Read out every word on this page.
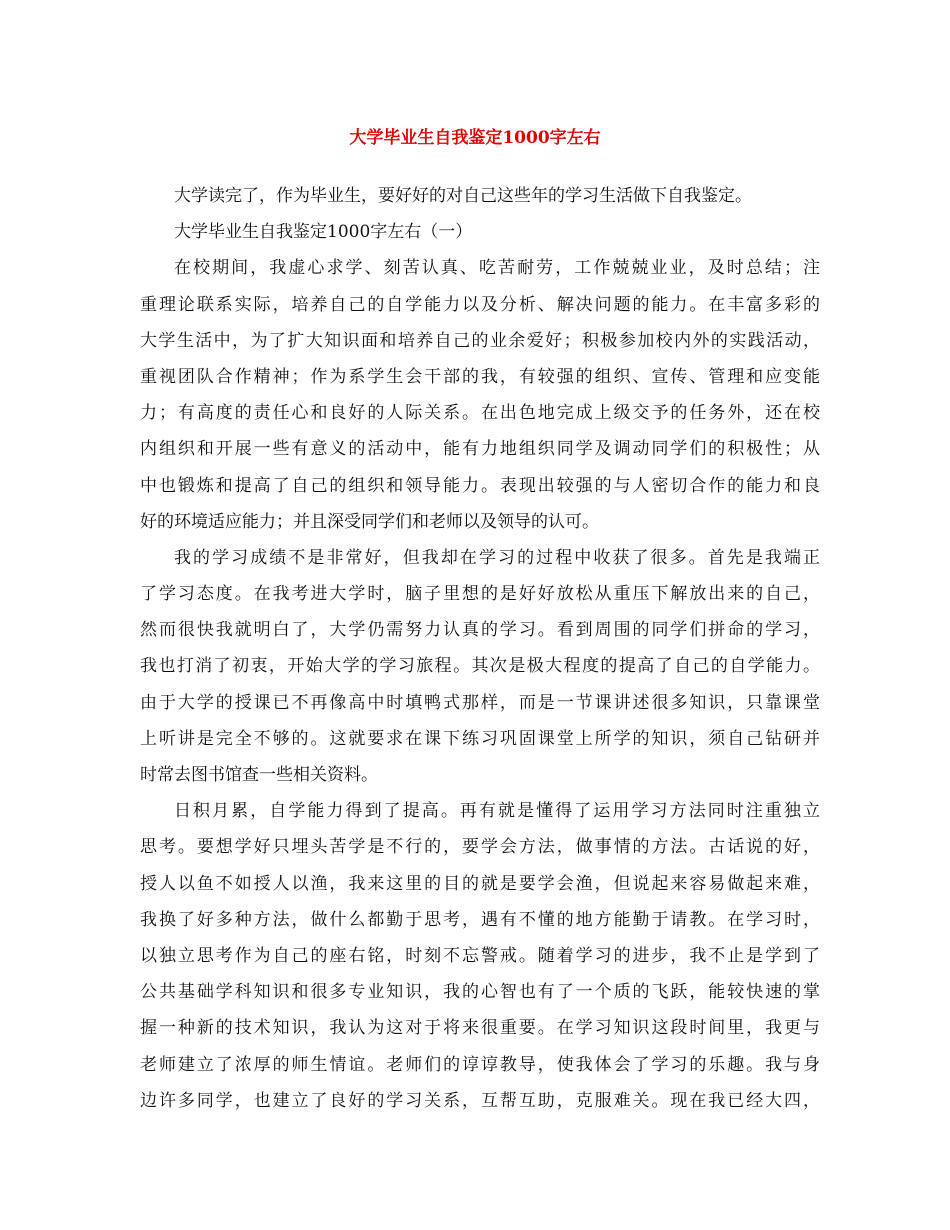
大学毕业生自我鉴定1000字左右
大学读完了，作为毕业生，要好好的对自己这些年的学习生活做下自我鉴定。
大学毕业生自我鉴定1000字左右（一）
在校期间，我虚心求学、刻苦认真、吃苦耐劳，工作兢兢业业，及时总结；注
重理论联系实际，培养自己的自学能力以及分析、解决问题的能力。在丰富多彩的
大学生活中，为了扩大知识面和培养自己的业余爱好；积极参加校内外的实践活动，
重视团队合作精神；作为系学生会干部的我，有较强的组织、宣传、管理和应变能
力；有高度的责任心和良好的人际关系。在出色地完成上级交予的任务外，还在校
内组织和开展一些有意义的活动中，能有力地组织同学及调动同学们的积极性；从
中也锻炼和提高了自己的组织和领导能力。表现出较强的与人密切合作的能力和良
好的环境适应能力；并且深受同学们和老师以及领导的认可。
我的学习成绩不是非常好，但我却在学习的过程中收获了很多。首先是我端正
了学习态度。在我考进大学时，脑子里想的是好好放松从重压下解放出来的自己，
然而很快我就明白了，大学仍需努力认真的学习。看到周围的同学们拼命的学习，
我也打消了初衷，开始大学的学习旅程。其次是极大程度的提高了自己的自学能力。
由于大学的授课已不再像高中时填鸭式那样，而是一节课讲述很多知识，只靠课堂
上听讲是完全不够的。这就要求在课下练习巩固课堂上所学的知识，须自己钻研并
时常去图书馆查一些相关资料。
日积月累，自学能力得到了提高。再有就是懂得了运用学习方法同时注重独立
思考。要想学好只埋头苦学是不行的，要学会方法，做事情的方法。古话说的好，
授人以鱼不如授人以渔，我来这里的目的就是要学会渔，但说起来容易做起来难，
我换了好多种方法，做什么都勤于思考，遇有不懂的地方能勤于请教。在学习时，
以独立思考作为自己的座右铭，时刻不忘警戒。随着学习的进步，我不止是学到了
公共基础学科知识和很多专业知识，我的心智也有了一个质的飞跃，能较快速的掌
握一种新的技术知识，我认为这对于将来很重要。在学习知识这段时间里，我更与
老师建立了浓厚的师生情谊。老师们的谆谆教导，使我体会了学习的乐趣。我与身
边许多同学，也建立了良好的学习关系，互帮互助，克服难关。现在我已经大四，
